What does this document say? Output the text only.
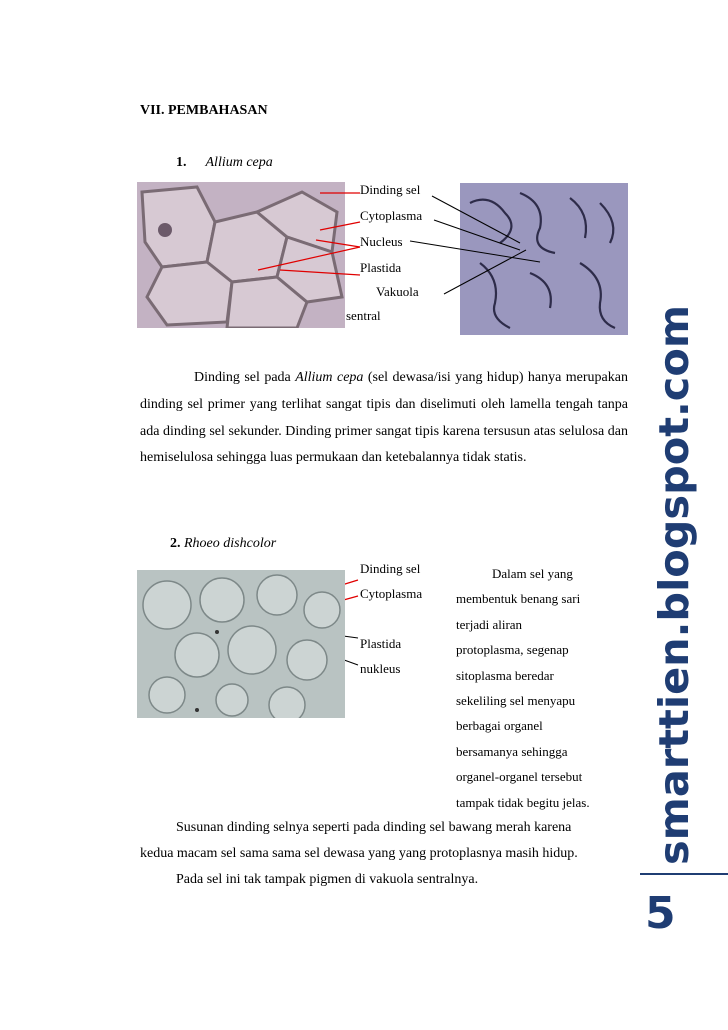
VII. PEMBAHASAN
1. Allium cepa
Dinding sel
Cytoplasma
Nucleus
Plastida
Vakuola
sentral

Dinding sel pada Allium cepa (sel dewasa/isi yang hidup) hanya merupakan dinding sel primer yang terlihat sangat tipis dan diselimuti oleh lamella tengah tanpa ada dinding sel sekunder. Dinding primer sangat tipis karena tersusun atas selulosa dan hemiselulosa sehingga luas permukaan dan ketebalannya tidak statis.

2. Rhoeo dishcolor
Dinding sel
Cytoplasma
Plastida
nukleus
Dalam sel yang
membentuk benang sari
terjadi aliran
protoplasma, segenap
sitoplasma beredar
sekeliling sel menyapu
berbagai organel
bersamanya sehingga
organel-organel tersebut
tampak tidak begitu jelas.
Susunan dinding selnya seperti pada dinding sel bawang merah karena
kedua macam sel sama sama sel dewasa yang yang protoplasnya masih hidup.
Pada sel ini tak tampak pigmen di vakuola sentralnya.
smarttien.blogspot.com
5
